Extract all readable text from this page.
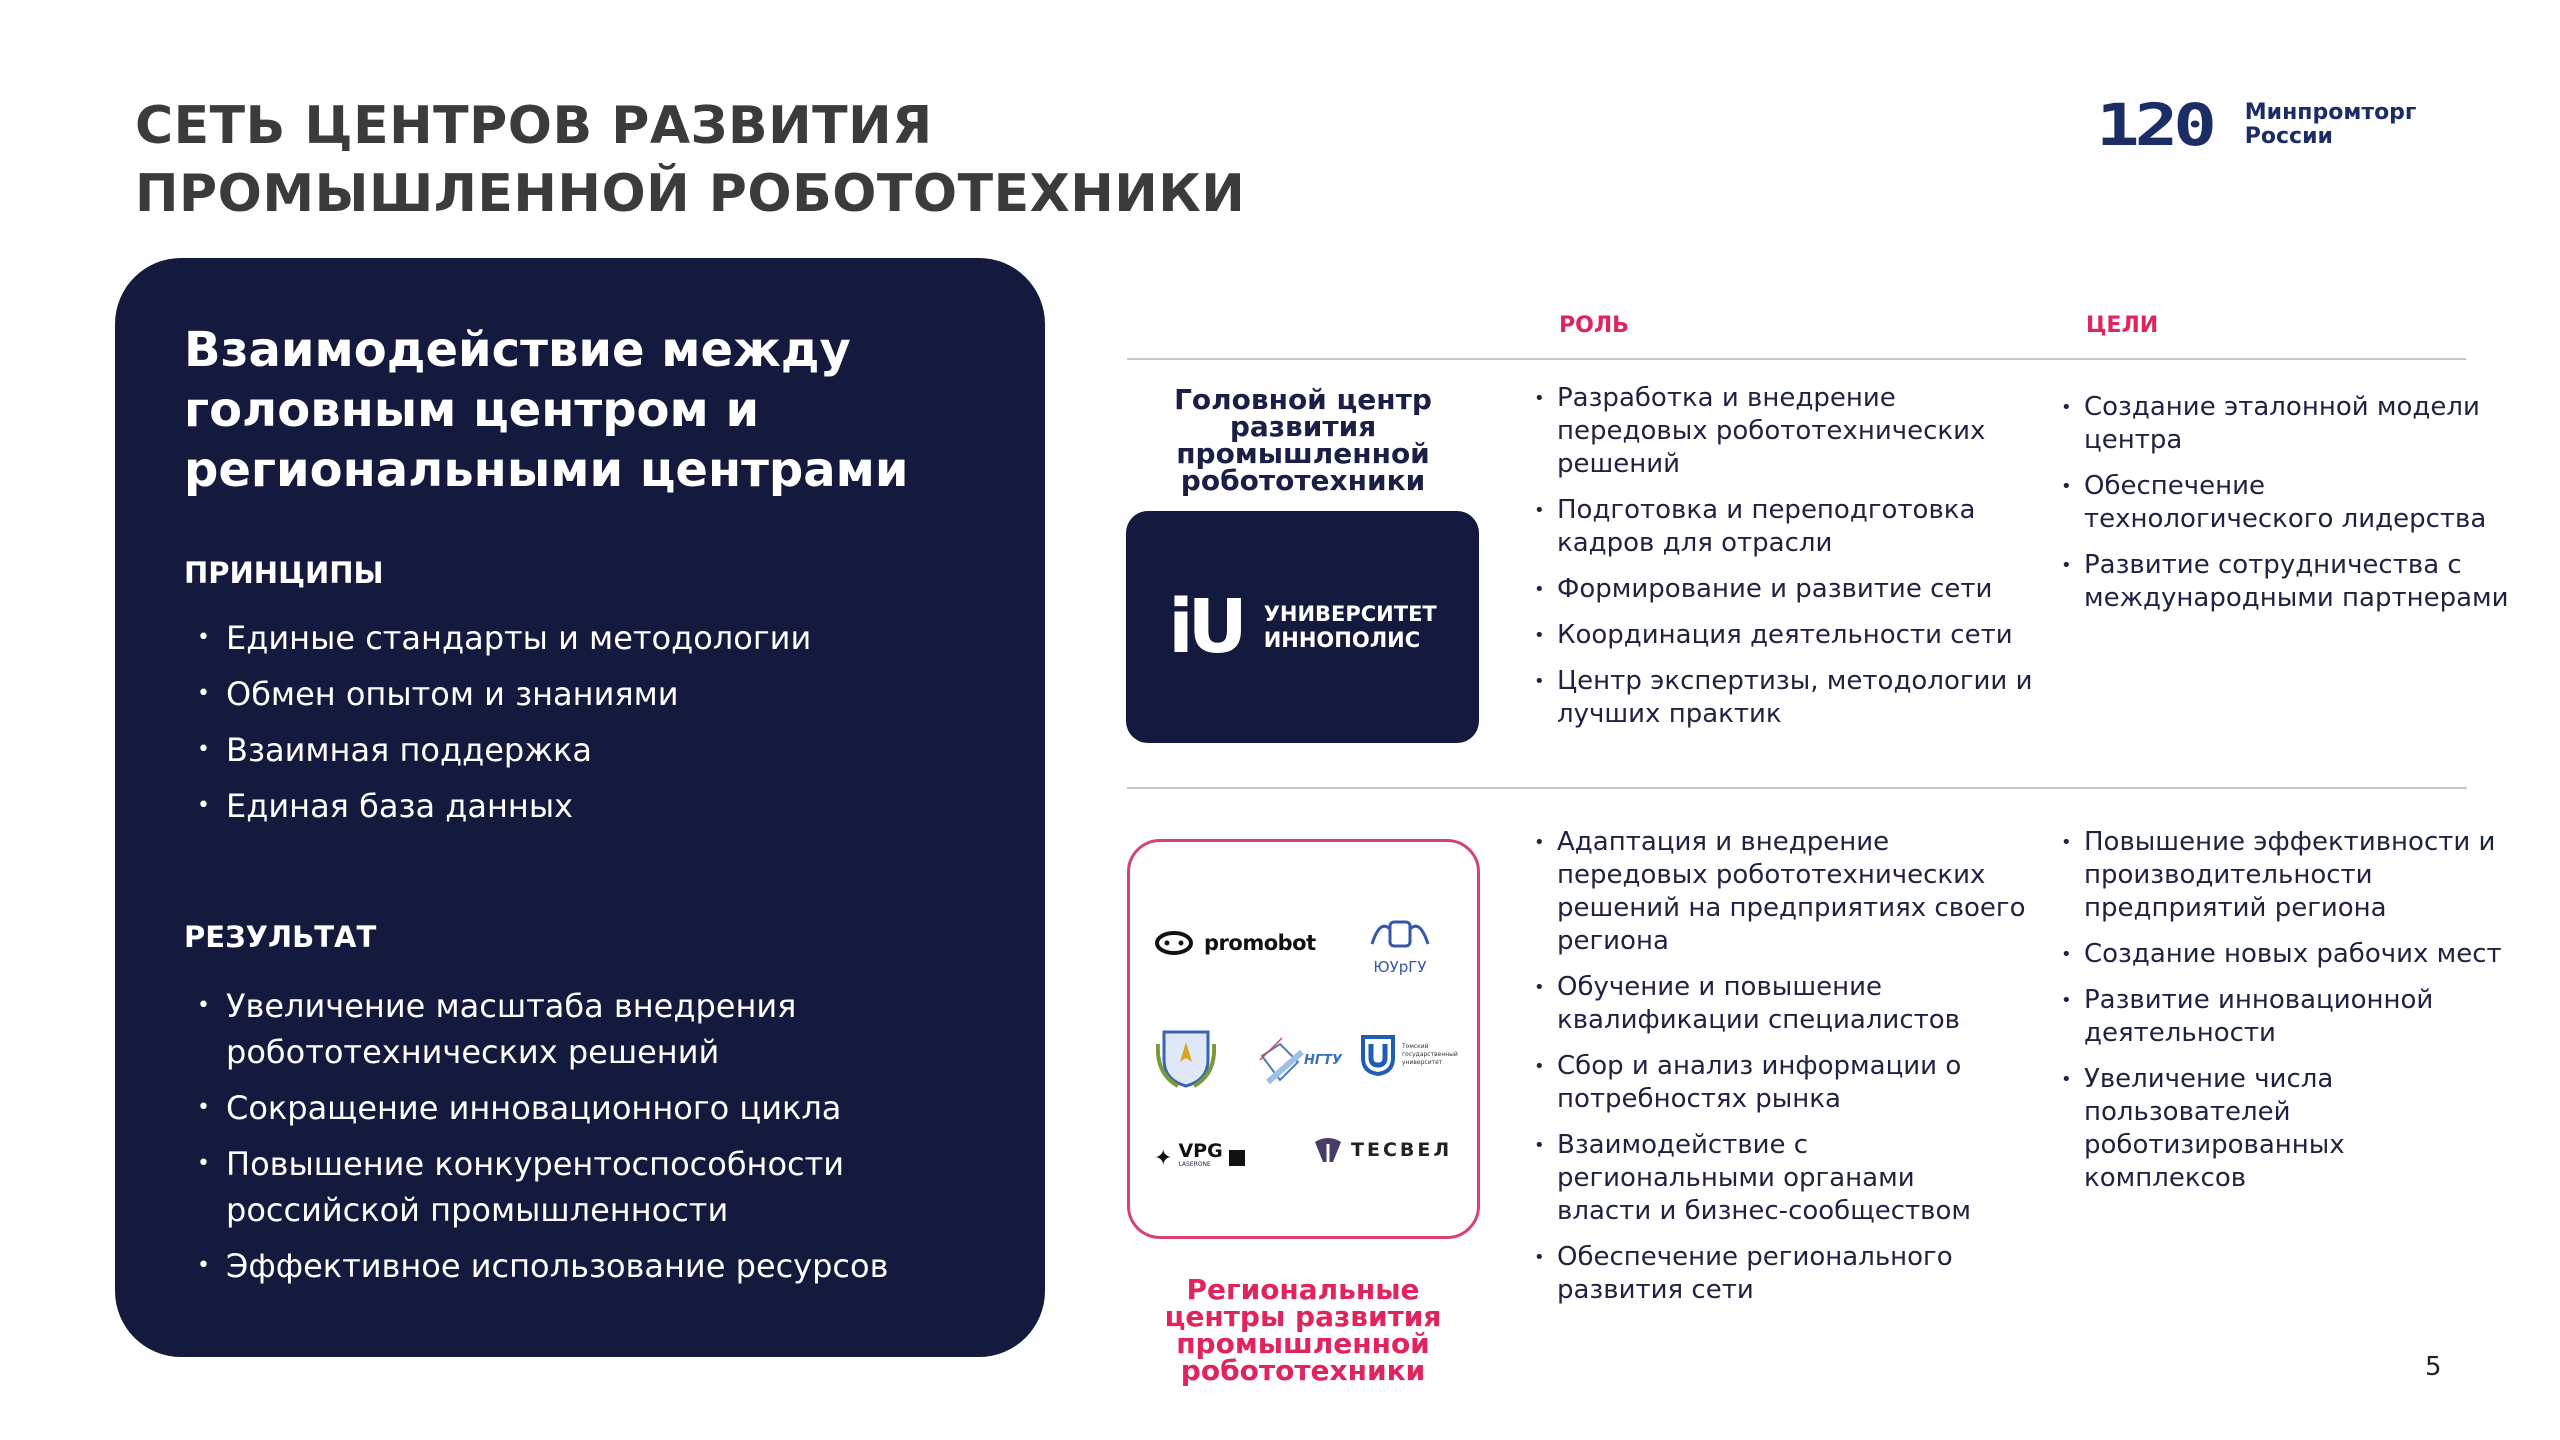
СЕТЬ ЦЕНТРОВ РАЗВИТИЯ
ПРОМЫШЛЕННОЙ РОБОТОТЕХНИКИ
120 Минпромторг
России
Взаимодействие между головным центром и региональными центрами
ПРИНЦИПЫ
• Единые стандарты и методологии
• Обмен опытом и знаниями
• Взаимная поддержка
• Единая база данных
РЕЗУЛЬТАТ
• Увеличение масштаба внедрения робототехнических решений
• Сокращение инновационного цикла
• Повышение конкурентоспособности российской промышленности
• Эффективное использование ресурсов
РОЛЬ	ЦЕЛИ
Головной центр развития промышленной робототехники
iU УНИВЕРСИТЕТ
ИННОПОЛИС
• Разработка и внедрение передовых робототехнических решений
• Подготовка и переподготовка кадров для отрасли
• Формирование и развитие сети
• Координация деятельности сети
• Центр экспертизы, методологии и лучших практик
• Создание эталонной модели центра
• Обеспечение технологического лидерства
• Развитие сотрудничества с международными партнерами
promobot
ЮУрГУ
НГТУ
Томский государственный университет
✦ VPG
LASERONE
ТЕСВЕЛ
Региональные центры развития промышленной робототехники
• Адаптация и внедрение передовых робототехнических решений на предприятиях своего региона
• Обучение и повышение квалификации специалистов
• Сбор и анализ информации о потребностях рынка
• Взаимодействие с региональными органами власти и бизнес-сообществом
• Обеспечение регионального развития сети
• Повышение эффективности и производительности предприятий региона
• Создание новых рабочих мест
• Развитие инновационной деятельности
• Увеличение числа пользователей роботизированных комплексов
5
